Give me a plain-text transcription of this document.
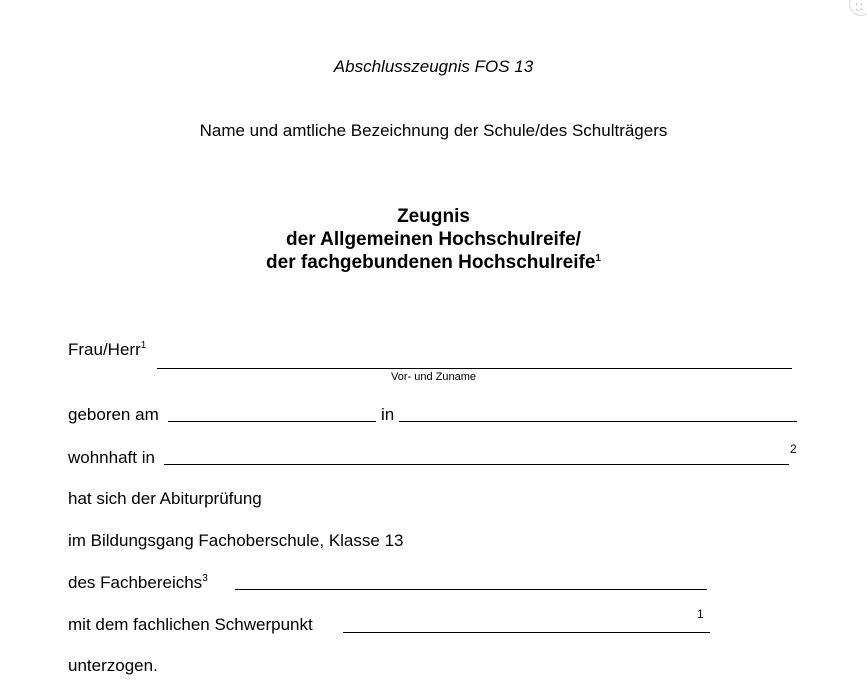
⛶
Abschlusszeugnis FOS 13
Name und amtliche Bezeichnung der Schule/des Schulträgers
Zeugnis
der Allgemeinen Hochschulreife/
der fachgebundenen Hochschulreife$^1$
Frau/Herr$^1$
Vor- und Zuname
geboren am	in
wohnhaft in	2
hat sich der Abiturprüfung
im Bildungsgang Fachoberschule, Klasse 13
des Fachbereichs$^3$
mit dem fachlichen Schwerpunkt
1
unterzogen.
